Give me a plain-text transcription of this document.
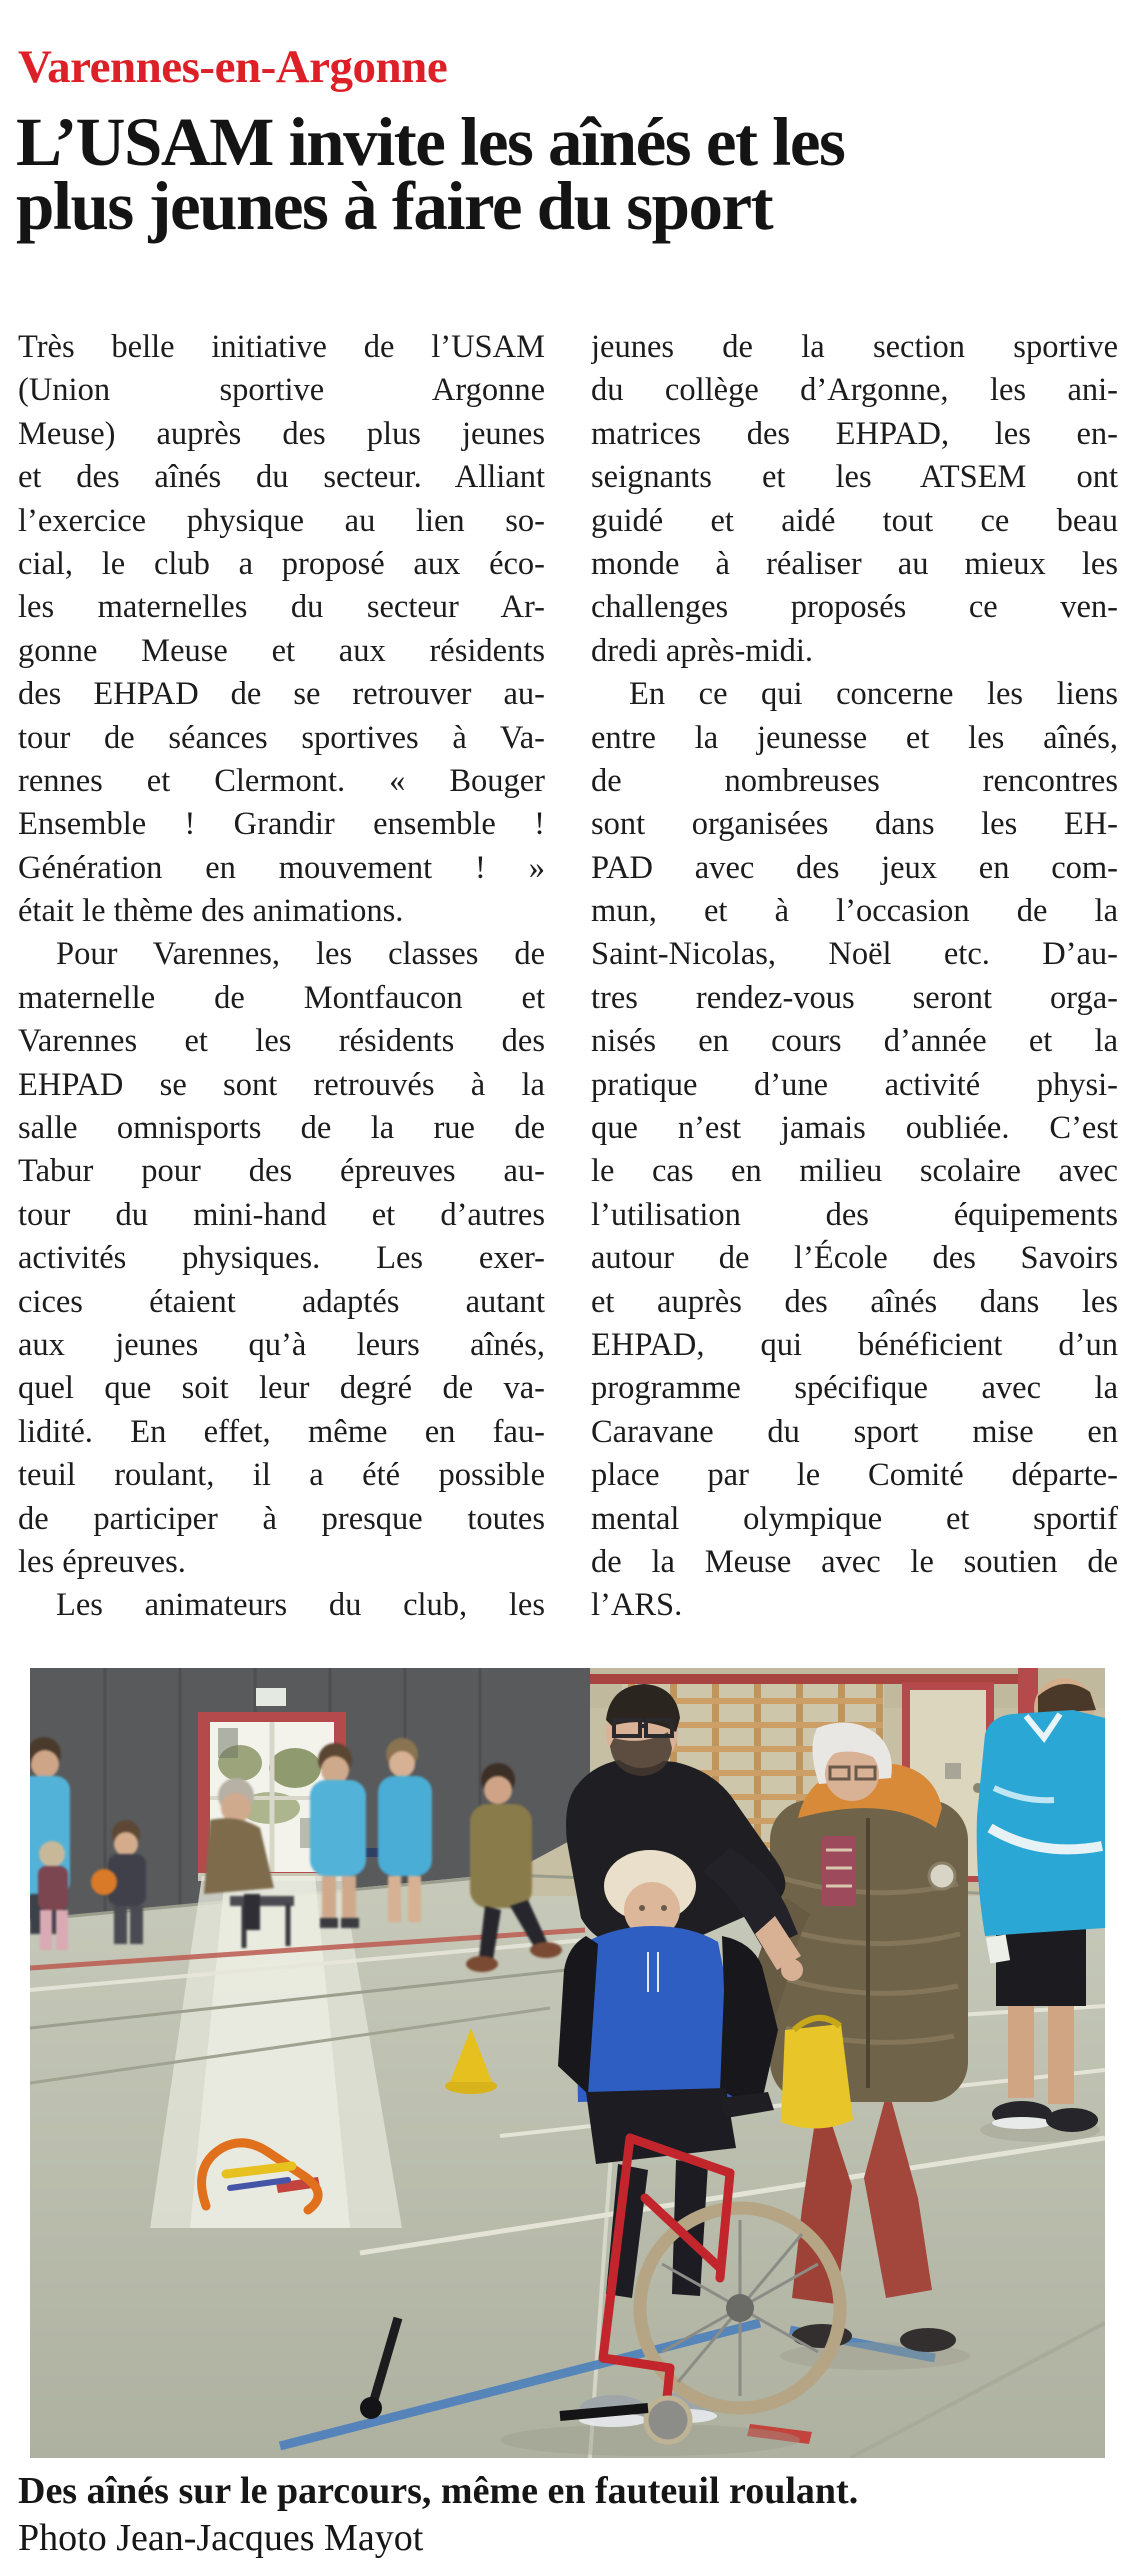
Varennes-en-Argonne
L’USAM invite les aînés et les
plus jeunes à faire du sport
Très belle initiative de l’USAM
(Union sportive Argonne
Meuse) auprès des plus jeunes
et des aînés du secteur. Alliant
l’exercice physique au lien so-
cial, le club a proposé aux éco-
les maternelles du secteur Ar-
gonne Meuse et aux résidents
des EHPAD de se retrouver au-
tour de séances sportives à Va-
rennes et Clermont. « Bouger
Ensemble ! Grandir ensemble !
Génération en mouvement ! »
était le thème des animations.
Pour Varennes, les classes de
maternelle de Montfaucon et
Varennes et les résidents des
EHPAD se sont retrouvés à la
salle omnisports de la rue de
Tabur pour des épreuves au-
tour du mini-hand et d’autres
activités physiques. Les exer-
cices étaient adaptés autant
aux jeunes qu’à leurs aînés,
quel que soit leur degré de va-
lidité. En effet, même en fau-
teuil roulant, il a été possible
de participer à presque toutes
les épreuves.
Les animateurs du club, les
jeunes de la section sportive
du collège d’Argonne, les ani-
matrices des EHPAD, les en-
seignants et les ATSEM ont
guidé et aidé tout ce beau
monde à réaliser au mieux les
challenges proposés ce ven-
dredi après-midi.
En ce qui concerne les liens
entre la jeunesse et les aînés,
de nombreuses rencontres
sont organisées dans les EH-
PAD avec des jeux en com-
mun, et à l’occasion de la
Saint-Nicolas, Noël etc. D’au-
tres rendez-vous seront orga-
nisés en cours d’année et la
pratique d’une activité physi-
que n’est jamais oubliée. C’est
le cas en milieu scolaire avec
l’utilisation des équipements
autour de l’École des Savoirs
et auprès des aînés dans les
EHPAD, qui bénéficient d’un
programme spécifique avec la
Caravane du sport mise en
place par le Comité départe-
mental olympique et sportif
de la Meuse avec le soutien de
l’ARS.
Des aînés sur le parcours, même en fauteuil roulant. Photo Jean-Jacques Mayot
